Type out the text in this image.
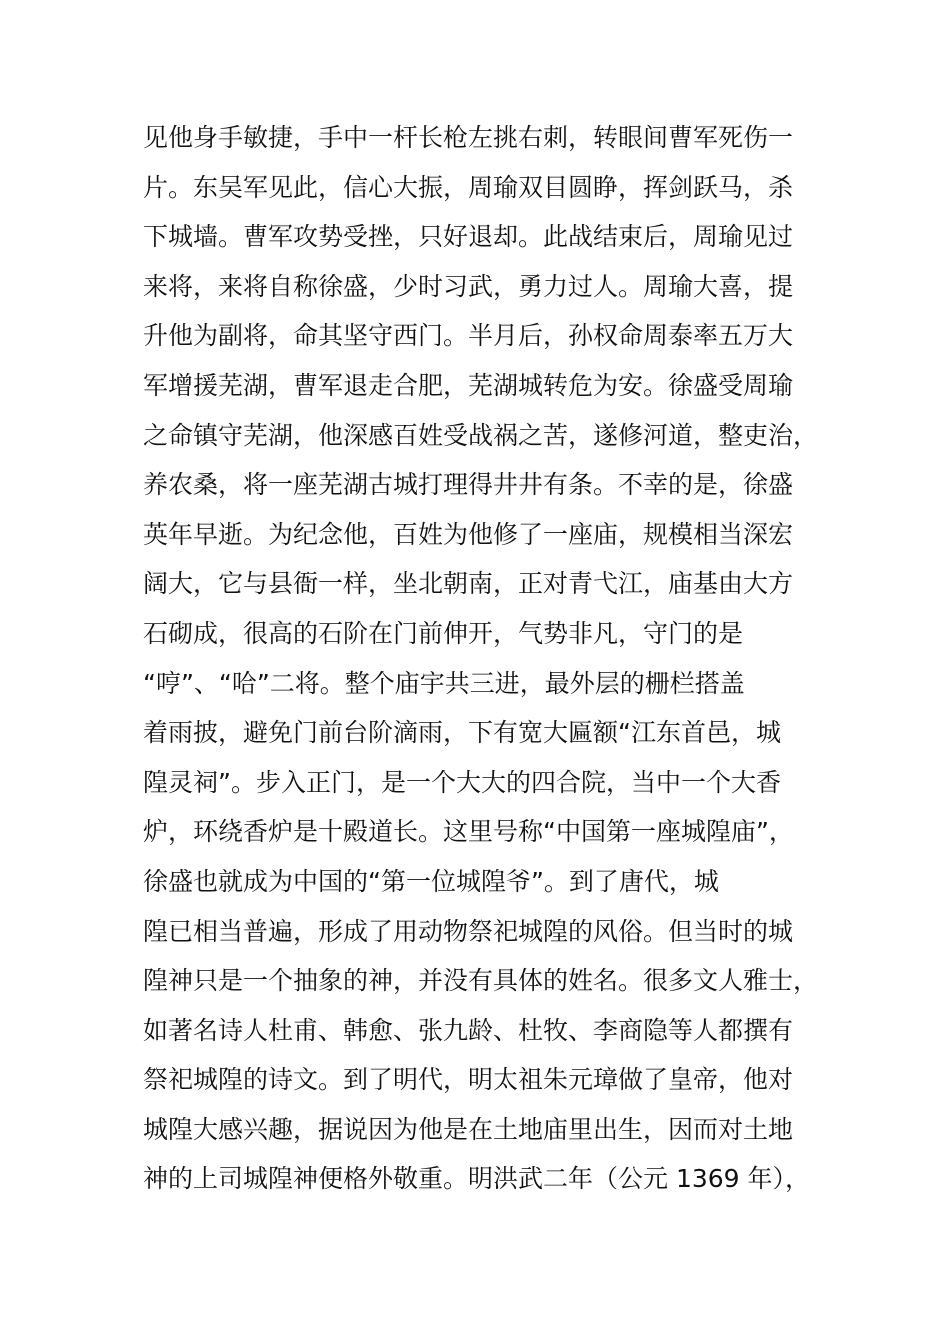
见他身手敏捷，手中一杆长枪左挑右刺，转眼间曹军死伤一
片。东吴军见此，信心大振，周瑜双目圆睁，挥剑跃马，杀
下城墙。曹军攻势受挫，只好退却。此战结束后，周瑜见过
来将，来将自称徐盛，少时习武，勇力过人。周瑜大喜，提
升他为副将，命其坚守西门。半月后，孙权命周泰率五万大
军增援芜湖，曹军退走合肥，芜湖城转危为安。徐盛受周瑜
之命镇守芜湖，他深感百姓受战祸之苦，遂修河道，整吏治，
养农桑，将一座芜湖古城打理得井井有条。不幸的是，徐盛
英年早逝。为纪念他，百姓为他修了一座庙，规模相当深宏
阔大，它与县衙一样，坐北朝南，正对青弋江，庙基由大方
石砌成，很高的石阶在门前伸开，气势非凡，守门的是
“哼”、“哈”二将。整个庙宇共三进，最外层的栅栏搭盖
着雨披，避免门前台阶滴雨，下有宽大匾额“江东首邑，城
隍灵祠”。步入正门，是一个大大的四合院，当中一个大香
炉，环绕香炉是十殿道长。这里号称“中国第一座城隍庙”，
徐盛也就成为中国的“第一位城隍爷”。到了唐代，城
隍已相当普遍，形成了用动物祭祀城隍的风俗。但当时的城
隍神只是一个抽象的神，并没有具体的姓名。很多文人雅士，
如著名诗人杜甫、韩愈、张九龄、杜牧、李商隐等人都撰有
祭祀城隍的诗文。到了明代，明太祖朱元璋做了皇帝，他对
城隍大感兴趣，据说因为他是在土地庙里出生，因而对土地
神的上司城隍神便格外敬重。明洪武二年（公元 1369 年），
